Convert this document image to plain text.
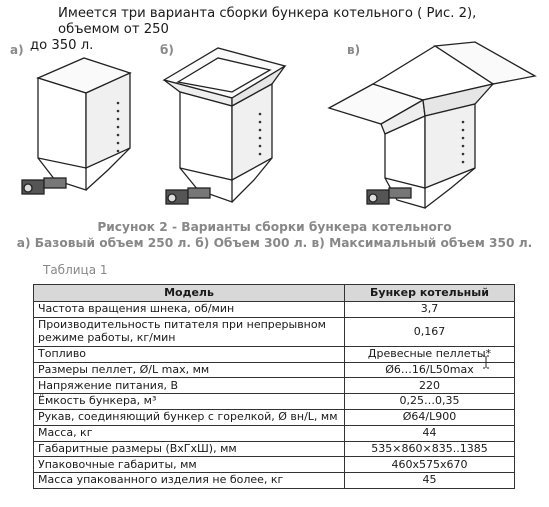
Имеется три варианта сборки бункера котельного ( Рис. 2), объемом от 250
до 350 л.
а)	б)	в)
Рисунок 2 - Варианты сборки бункера котельного
а) Базовый объем 250 л. б) Объем 300 л. в) Максимальный объем 350 л.
Таблица 1
Модель	Бункер котельный
Частота вращения шнека, об/мин	3,7
Производительность питателя при непрерывном режиме работы, кг/мин	0,167
Топливо	Древесные пеллеты*
Размеры пеллет, Ø/L max, мм	Ø6…16/L50max
Напряжение питания, В	220
Ёмкость бункера, м³	0,25…0,35
Рукав, соединяющий бункер с горелкой, Ø вн/L, мм	Ø64/L900
Масса, кг	44
Габаритные размеры (ВхГхШ), мм	535×860×835..1385
Упаковочные габариты, мм	460x575x670
Масса упакованного изделия не более, кг	45
